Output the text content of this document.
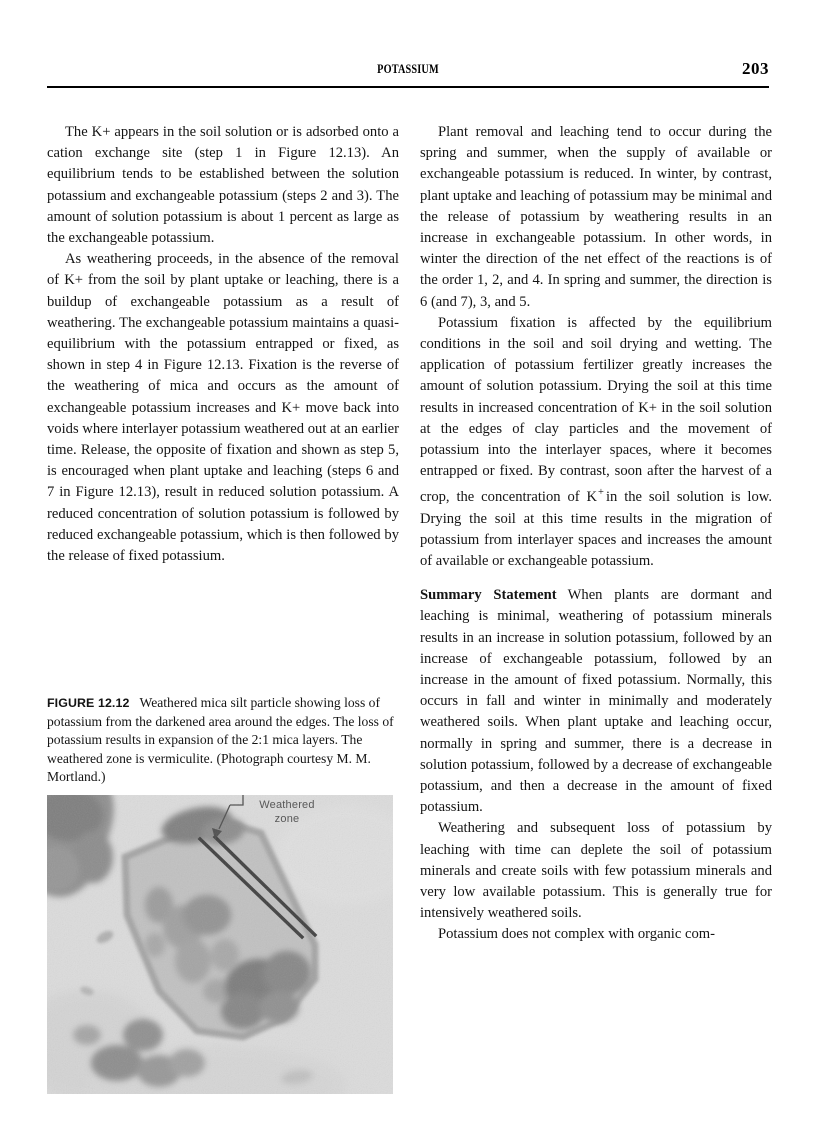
POTASSIUM	203

The K+ appears in the soil solution or is adsorbed onto a cation exchange site (step 1 in Figure 12.13). An equilibrium tends to be established between the solution potassium and exchangeable potassium (steps 2 and 3). The amount of solution potassium is about 1 percent as large as the exchangeable potassium.

As weathering proceeds, in the absence of the removal of K+ from the soil by plant uptake or leaching, there is a buildup of exchangeable potassium as a result of weathering. The exchangeable potassium maintains a quasi-equilibrium with the potassium entrapped or fixed, as shown in step 4 in Figure 12.13. Fixation is the reverse of the weathering of mica and occurs as the amount of exchangeable potassium increases and K+ move back into voids where interlayer potassium weathered out at an earlier time. Release, the opposite of fixation and shown as step 5, is encouraged when plant uptake and leaching (steps 6 and 7 in Figure 12.13), result in reduced solution potassium. A reduced concentration of solution potassium is followed by reduced exchangeable potassium, which is then followed by the release of fixed potassium.

FIGURE 12.12 Weathered mica silt particle showing loss of potassium from the darkened area around the edges. The loss of potassium results in expansion of the 2:1 mica layers. The weathered zone is vermiculite. (Photograph courtesy M. M. Mortland.)

Weathered
zone

Plant removal and leaching tend to occur during the spring and summer, when the supply of available or exchangeable potassium is reduced. In winter, by contrast, plant uptake and leaching of potassium may be minimal and the release of potassium by weathering results in an increase in exchangeable potassium. In other words, in winter the direction of the net effect of the reactions is of the order 1, 2, and 4. In spring and summer, the direction is 6 (and 7), 3, and 5.

Potassium fixation is affected by the equilibrium conditions in the soil and soil drying and wetting. The application of potassium fertilizer greatly increases the amount of solution potassium. Drying the soil at this time results in increased concentration of K+ in the soil solution at the edges of clay particles and the movement of potassium into the interlayer spaces, where it becomes entrapped or fixed. By contrast, soon after the harvest of a crop, the concentration of K+ in the soil solution is low. Drying the soil at this time results in the migration of potassium from interlayer spaces and increases the amount of available or exchangeable potassium.

Summary Statement When plants are dormant and leaching is minimal, weathering of potassium minerals results in an increase in solution potassium, followed by an increase of exchangeable potassium, followed by an increase in the amount of fixed potassium. Normally, this occurs in fall and winter in minimally and moderately weathered soils. When plant uptake and leaching occur, normally in spring and summer, there is a decrease in solution potassium, followed by a decrease of exchangeable potassium, and then a decrease in the amount of fixed potassium.

Weathering and subsequent loss of potassium by leaching with time can deplete the soil of potassium minerals and create soils with few potassium minerals and very low available potassium. This is generally true for intensively weathered soils.

Potassium does not complex with organic com-
